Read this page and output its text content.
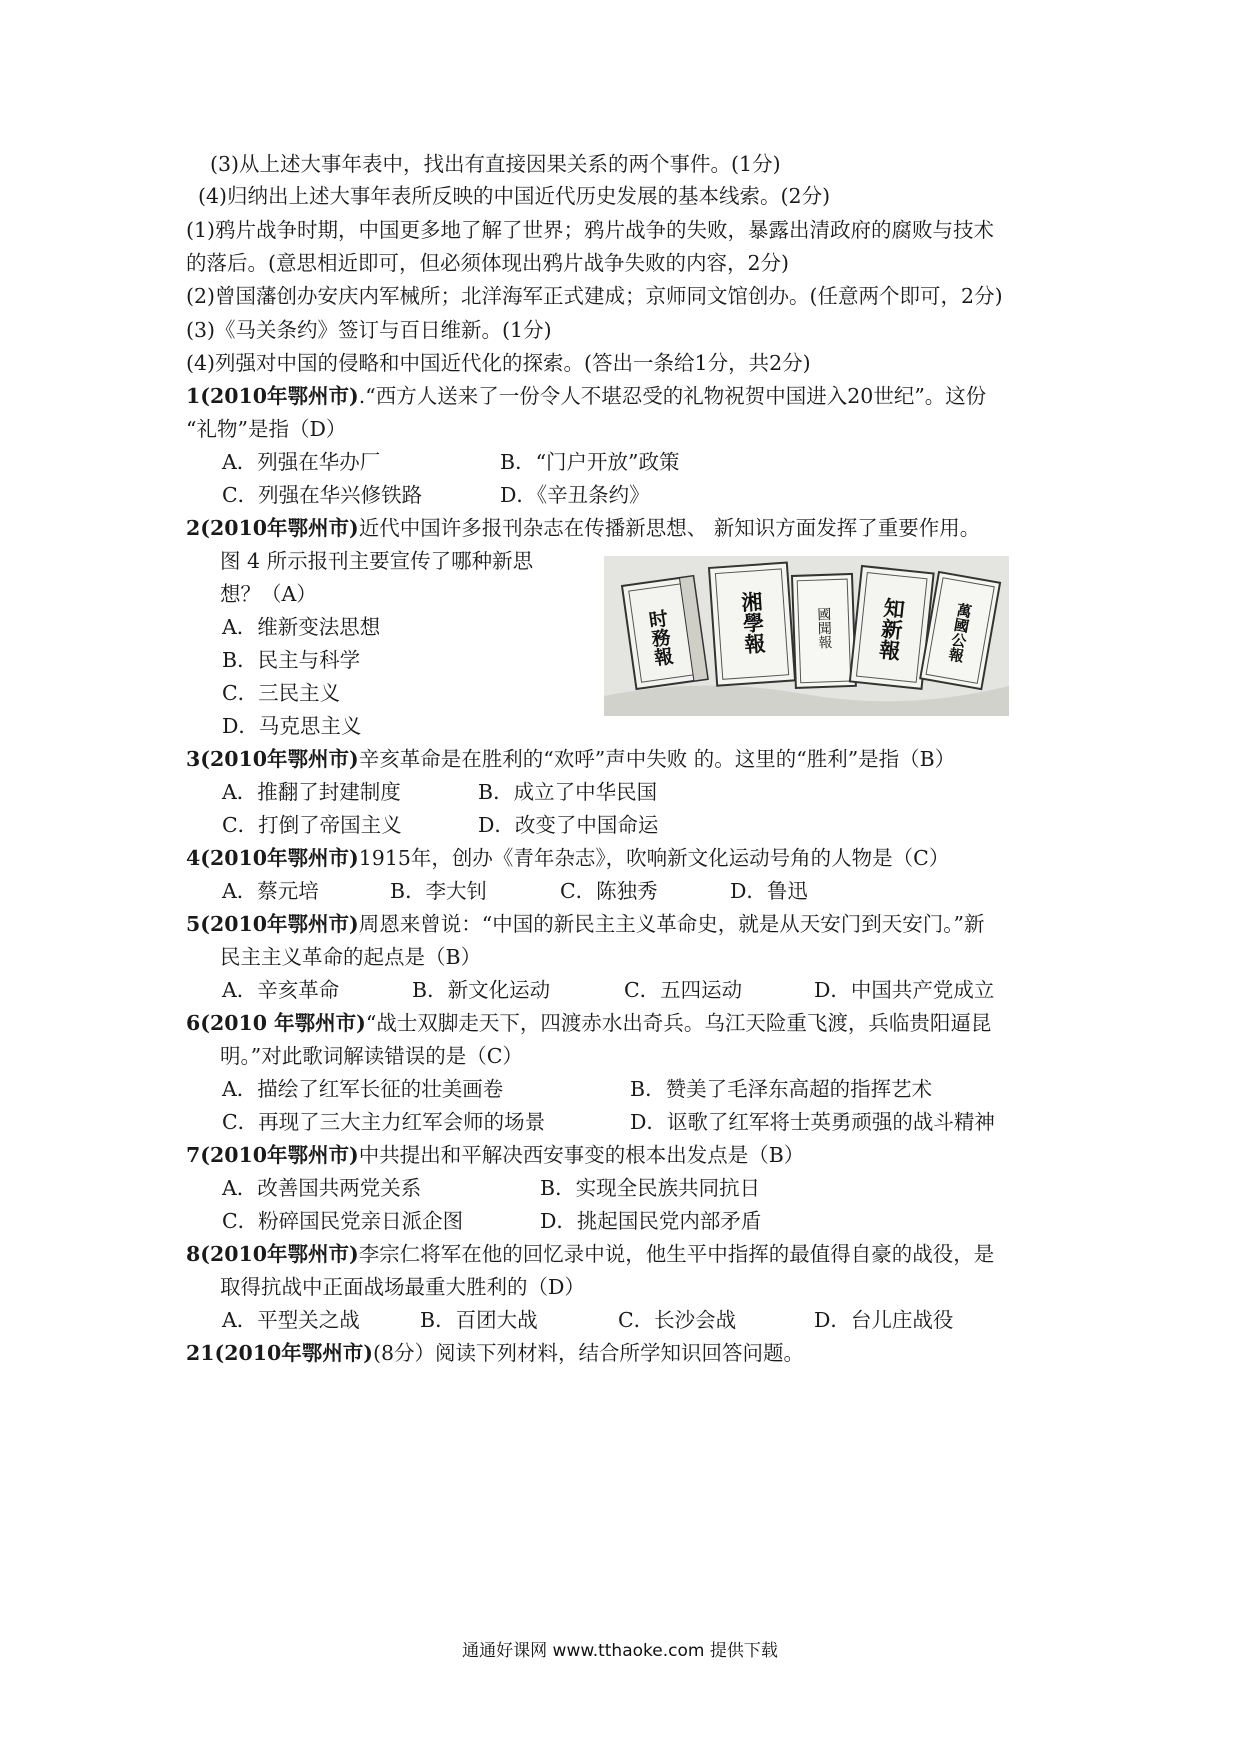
(3)从上述大事年表中，找出有直接因果关系的两个事件。(1分)
(4)归纳出上述大事年表所反映的中国近代历史发展的基本线索。(2分)
(1)鸦片战争时期，中国更多地了解了世界；鸦片战争的失败，暴露出清政府的腐败与技术
的落后。(意思相近即可，但必须体现出鸦片战争失败的内容，2分)
(2)曾国藩创办安庆内军械所；北洋海军正式建成；京师同文馆创办。(任意两个即可，2分)
(3)《马关条约》签订与百日维新。(1分)
(4)列强对中国的侵略和中国近代化的探索。(答出一条给1分，共2分)
1(2010年鄂州市).“西方人送来了一份令人不堪忍受的礼物祝贺中国进入20世纪”。这份
“礼物”是指（D）
A．列强在华办厂	B．“门户开放”政策
C．列强在华兴修铁路	D．《辛丑条约》
2(2010年鄂州市)近代中国许多报刊杂志在传播新思想、 新知识方面发挥了重要作用。
图 4 所示报刊主要宣传了哪种新思
想？（A）
A．维新变法思想
B．民主与科学
C．三民主义
D．马克思主义
时務報	湘學報	國聞報 知新報	萬國公報
3(2010年鄂州市)辛亥革命是在胜利的“欢呼”声中失败 的。这里的“胜利”是指（B）
A．推翻了封建制度	B．成立了中华民国
C．打倒了帝国主义	D．改变了中国命运
4(2010年鄂州市)1915年，创办《青年杂志》，吹响新文化运动号角的人物是（C）
A．蔡元培	B．李大钊	C．陈独秀	D．鲁迅
5(2010年鄂州市)周恩来曾说：“中国的新民主主义革命史，就是从天安门到天安门。”新
民主主义革命的起点是（B）
A．辛亥革命	B．新文化运动	C．五四运动	D．中国共产党成立
6(2010 年鄂州市)“战士双脚走天下，四渡赤水出奇兵。乌江天险重飞渡，兵临贵阳逼昆
明。”对此歌词解读错误的是（C）
A．描绘了红军长征的壮美画卷	B．赞美了毛泽东高超的指挥艺术
C．再现了三大主力红军会师的场景	D．讴歌了红军将士英勇顽强的战斗精神
7(2010年鄂州市)中共提出和平解决西安事变的根本出发点是（B）
A．改善国共两党关系	B．实现全民族共同抗日
C．粉碎国民党亲日派企图	D．挑起国民党内部矛盾
8(2010年鄂州市)李宗仁将军在他的回忆录中说，他生平中指挥的最值得自豪的战役，是
取得抗战中正面战场最重大胜利的（D）
A．平型关之战	B．百团大战	C．长沙会战	D．台儿庄战役
21(2010年鄂州市)(8分）阅读下列材料，结合所学知识回答问题。
通通好课网 www.tthaoke.com 提供下载
